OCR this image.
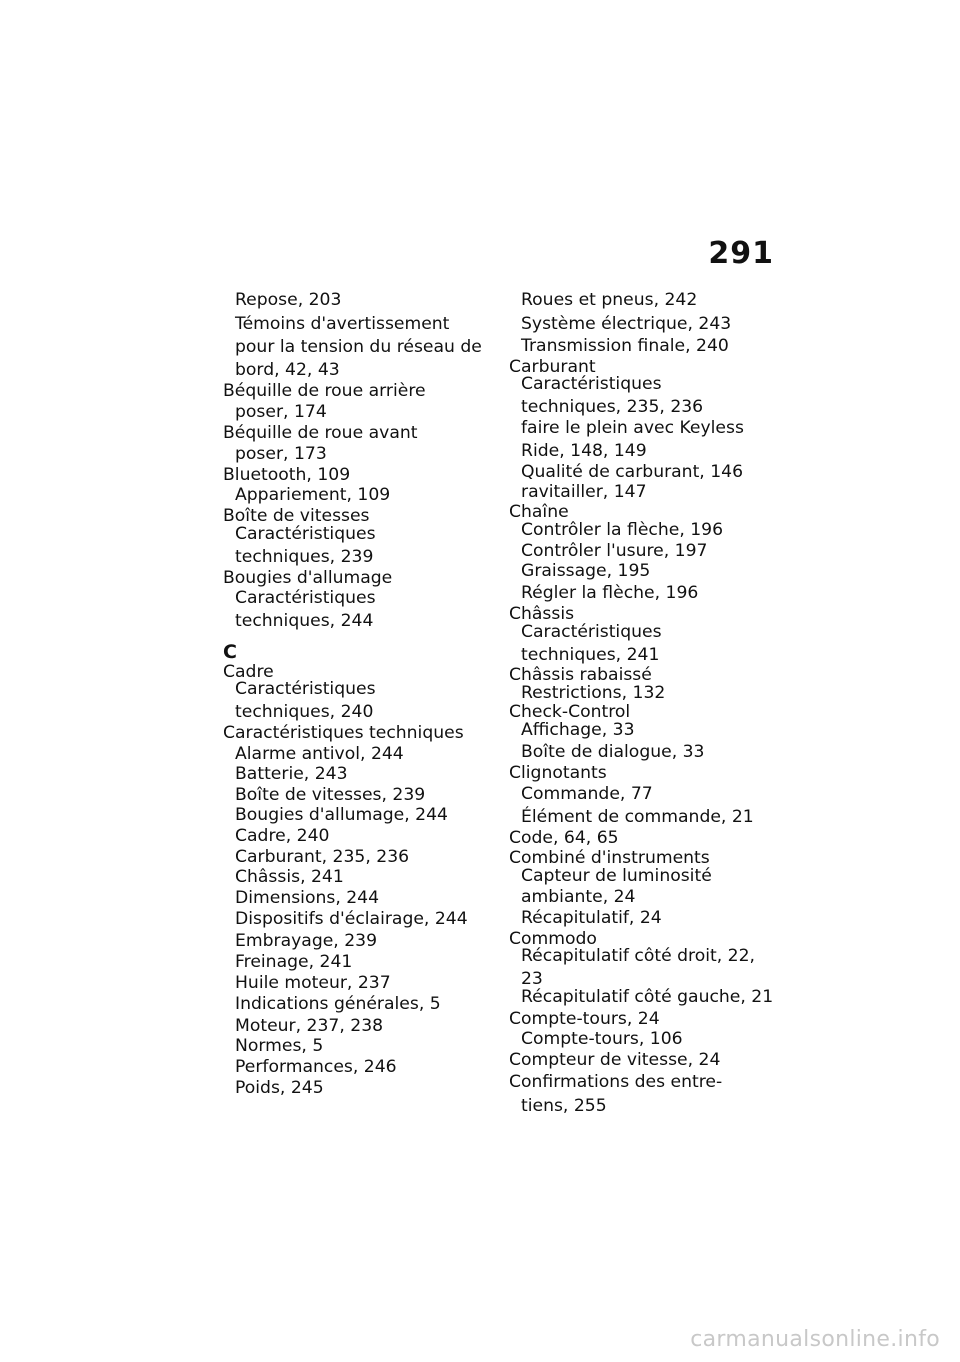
291
Repose, 203
Témoins d'avertissement
pour la tension du réseau de
bord, 42, 43
Béquille de roue arrière
poser, 174
Béquille de roue avant
poser, 173
Bluetooth, 109
Appariement, 109
Boîte de vitesses
Caractéristiques
techniques, 239
Bougies d'allumage
Caractéristiques
techniques, 244
C
Cadre
Caractéristiques
techniques, 240
Caractéristiques techniques
Alarme antivol, 244
Batterie, 243
Boîte de vitesses, 239
Bougies d'allumage, 244
Cadre, 240
Carburant, 235, 236
Châssis, 241
Dimensions, 244
Dispositifs d'éclairage, 244
Embrayage, 239
Freinage, 241
Huile moteur, 237
Indications générales, 5
Moteur, 237, 238
Normes, 5
Performances, 246
Poids, 245
Roues et pneus, 242
Système électrique, 243
Transmission finale, 240
Carburant
Caractéristiques
techniques, 235, 236
faire le plein avec Keyless
Ride, 148, 149
Qualité de carburant, 146
ravitailler, 147
Chaîne
Contrôler la flèche, 196
Contrôler l'usure, 197
Graissage, 195
Régler la flèche, 196
Châssis
Caractéristiques
techniques, 241
Châssis rabaissé
Restrictions, 132
Check-Control
Affichage, 33
Boîte de dialogue, 33
Clignotants
Commande, 77
Élément de commande, 21
Code, 64, 65
Combiné d'instruments
Capteur de luminosité
ambiante, 24
Récapitulatif, 24
Commodo
Récapitulatif côté droit, 22,
23
Récapitulatif côté gauche, 21
Compte-tours, 24
Compte-tours, 106
Compteur de vitesse, 24
Confirmations des entre-
tiens, 255
carmanualsonline.info
